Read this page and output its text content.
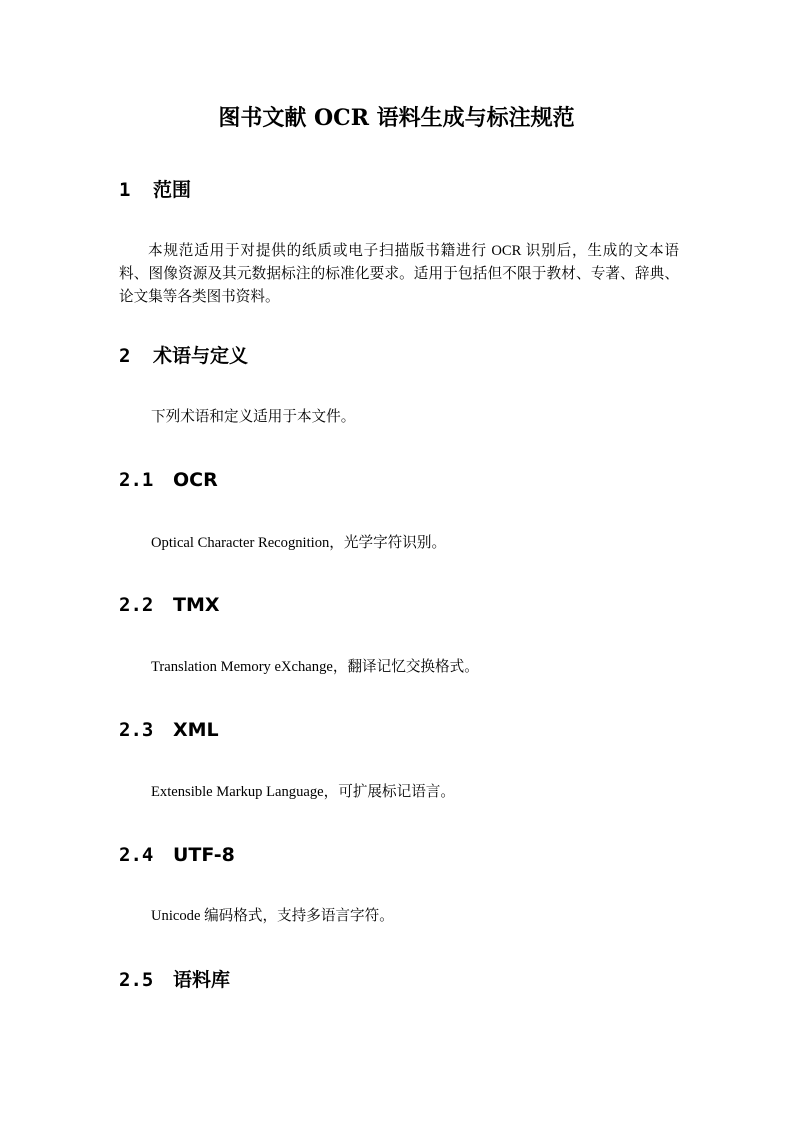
图书文献 OCR 语料生成与标注规范
1 范围

本规范适用于对提供的纸质或电子扫描版书籍进行 OCR 识别后，生成的文本语料、图像资源及其元数据标注的标准化要求。适用于包括但不限于教材、专著、辞典、论文集等各类图书资料。

2 术语与定义

下列术语和定义适用于本文件。

2.1 OCR

Optical Character Recognition，光学字符识别。

2.2 TMX

Translation Memory eXchange，翻译记忆交换格式。

2.3 XML

Extensible Markup Language，可扩展标记语言。

2.4 UTF-8

Unicode 编码格式，支持多语言字符。

2.5 语料库
